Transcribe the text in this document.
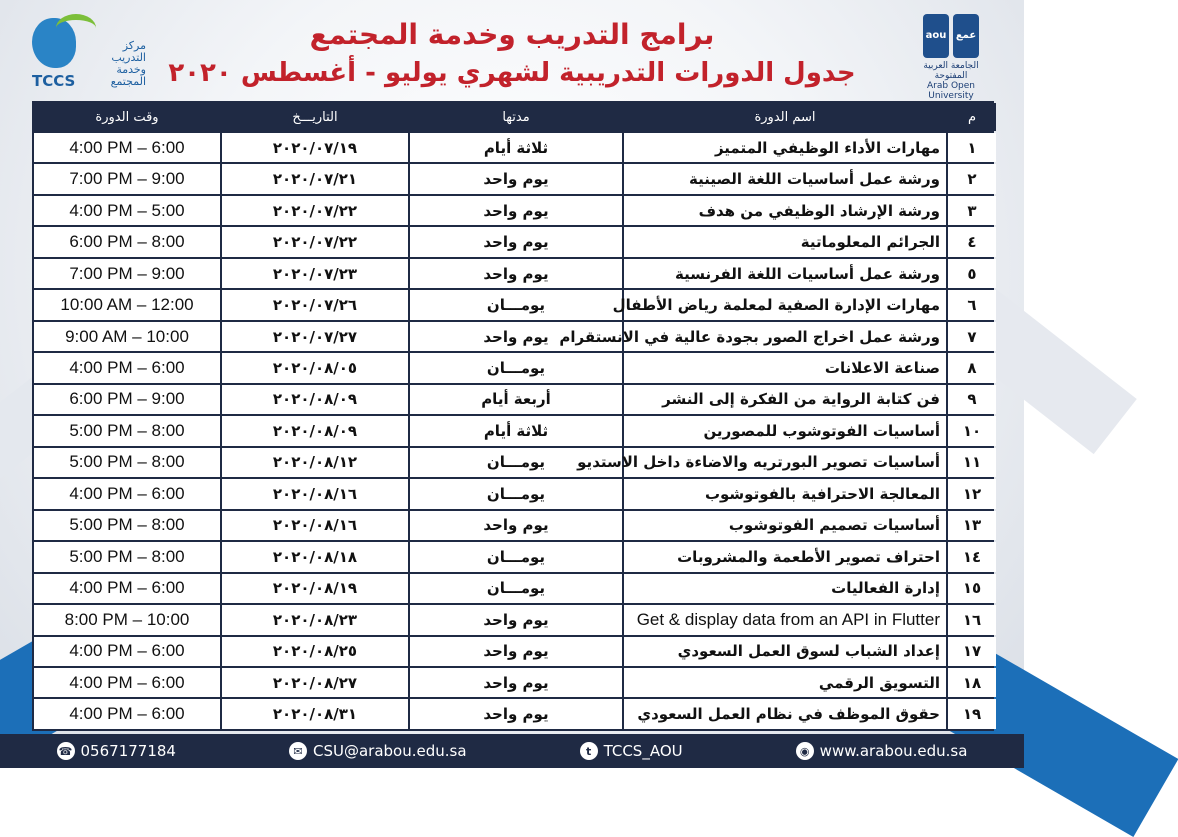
مركز التدريب وخدمة المجتمع
TCCS
برامج التدريب وخدمة المجتمع
جدول الدورات التدريبية لشهري يوليو - أغسطس ٢٠٢٠
aou عمع
الجامعة العربية المفتوحة
Arab Open University
م	اسم الدورة	مدتها	التاريـــخ	وقت الدورة
١	مهارات الأداء الوظيفي المتميز	ثلاثة أيام	٢٠٢٠/٠٧/١٩	4:00 PM – 6:00
٢	ورشة عمل أساسيات اللغة الصينية	يوم واحد	٢٠٢٠/٠٧/٢١	7:00 PM – 9:00
٣	ورشة الإرشاد الوظيفي من هدف	يوم واحد	٢٠٢٠/٠٧/٢٢	4:00 PM – 5:00
٤	الجرائم المعلوماتية	يوم واحد	٢٠٢٠/٠٧/٢٢	6:00 PM – 8:00
٥	ورشة عمل أساسيات اللغة الفرنسية	يوم واحد	٢٠٢٠/٠٧/٢٣	7:00 PM – 9:00
٦	مهارات الإدارة الصفية لمعلمة رياض الأطفال	يومـــان	٢٠٢٠/٠٧/٢٦	10:00 AM – 12:00
٧	ورشة عمل اخراج الصور بجودة عالية في الانستقرام	يوم واحد	٢٠٢٠/٠٧/٢٧	9:00 AM – 10:00
٨	صناعة الاعلانات	يومـــان	٢٠٢٠/٠٨/٠٥	4:00 PM – 6:00
٩	فن كتابة الرواية من الفكرة إلى النشر	أربعة أيام	٢٠٢٠/٠٨/٠٩	6:00 PM – 9:00
١٠	أساسيات الفوتوشوب للمصورين	ثلاثة أيام	٢٠٢٠/٠٨/٠٩	5:00 PM – 8:00
١١	أساسيات تصوير البورتريه والاضاءة داخل الاستديو	يومـــان	٢٠٢٠/٠٨/١٢	5:00 PM – 8:00
١٢	المعالجة الاحترافية بالفوتوشوب	يومـــان	٢٠٢٠/٠٨/١٦	4:00 PM – 6:00
١٣	أساسيات تصميم الفوتوشوب	يوم واحد	٢٠٢٠/٠٨/١٦	5:00 PM – 8:00
١٤	احتراف تصوير الأطعمة والمشروبات	يومـــان	٢٠٢٠/٠٨/١٨	5:00 PM – 8:00
١٥	إدارة الفعاليات	يومـــان	٢٠٢٠/٠٨/١٩	4:00 PM – 6:00
١٦	Get & display data from an API in Flutter	يوم واحد	٢٠٢٠/٠٨/٢٣	8:00 PM – 10:00
١٧	إعداد الشباب لسوق العمل السعودي	يوم واحد	٢٠٢٠/٠٨/٢٥	4:00 PM – 6:00
١٨	التسويق الرقمي	يوم واحد	٢٠٢٠/٠٨/٢٧	4:00 PM – 6:00
١٩	حقوق الموظف في نظام العمل السعودي	يوم واحد	٢٠٢٠/٠٨/٣١	4:00 PM – 6:00
☎ 0567177184	✉ CSU@arabou.edu.sa	t TCCS_AOU	◉ www.arabou.edu.sa
